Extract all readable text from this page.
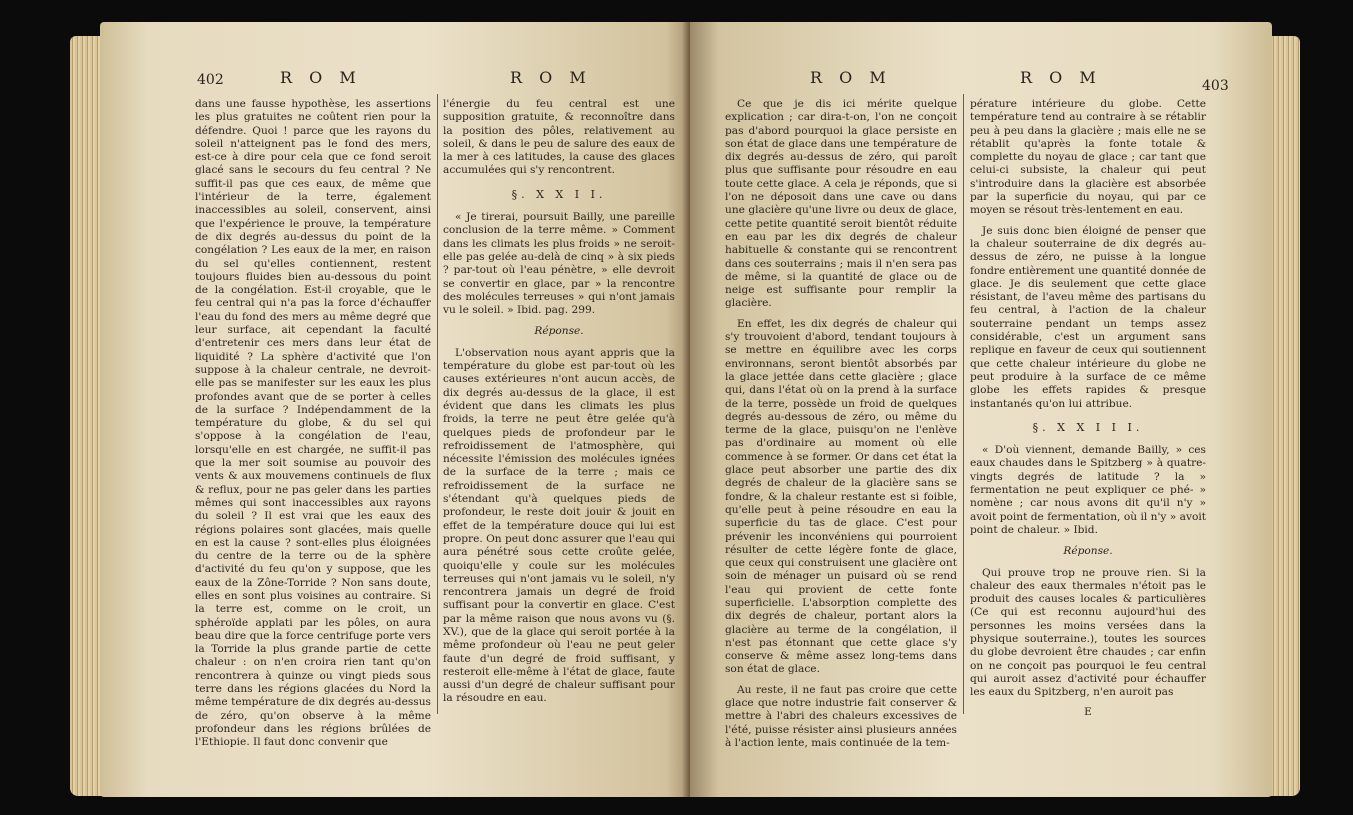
402	R O M	R O M

dans une fausse hypothèse, les assertions les plus gratuites ne coûtent rien pour la défendre. Quoi ! parce que les rayons du soleil n'atteignent pas le fond des mers, est-ce à dire pour cela que ce fond seroit glacé sans le secours du feu central ? Ne suffit-il pas que ces eaux, de même que l'intérieur de la terre, également inaccessibles au soleil, conservent, ainsi que l'expérience le prouve, la température de dix degrés au-dessus du point de la congélation ? Les eaux de la mer, en raison du sel qu'elles contiennent, restent toujours fluides bien au-dessous du point de la congélation. Est-il croyable, que le feu central qui n'a pas la force d'échauffer l'eau du fond des mers au même degré que leur surface, ait cependant la faculté d'entretenir ces mers dans leur état de liquidité ? La sphère d'activité que l'on suppose à la chaleur centrale, ne devroit-elle pas se manifester sur les eaux les plus profondes avant que de se porter à celles de la surface ? Indépendamment de la température du globe, & du sel qui s'oppose à la congélation de l'eau, lorsqu'elle en est chargée, ne suffit-il pas que la mer soit soumise au pouvoir des vents & aux mouvemens continuels de flux & reflux, pour ne pas geler dans les parties mêmes qui sont inaccessibles aux rayons du soleil ? Il est vrai que les eaux des régions polaires sont glacées, mais quelle en est la cause ? sont-elles plus éloignées du centre de la terre ou de la sphère d'activité du feu qu'on y suppose, que les eaux de la Zône-Torride ? Non sans doute, elles en sont plus voisines au contraire. Si la terre est, comme on le croit, un sphéroïde applati par les pôles, on aura beau dire que la force centrifuge porte vers la Torride la plus grande partie de cette chaleur : on n'en croira rien tant qu'on rencontrera à quinze ou vingt pieds sous terre dans les régions glacées du Nord la même température de dix degrés au-dessus de zéro, qu'on observe à la même profondeur dans les régions brûlées de l'Ethiopie. Il faut donc convenir que

l'énergie du feu central est une supposition gratuite, & reconnoître dans la position des pôles, relativement au soleil, & dans le peu de salure des eaux de la mer à ces latitudes, la cause des glaces accumulées qui s'y rencontrent.

§. X X I I.

« Je tirerai, poursuit Bailly, une pareille conclusion de la terre même. » Comment dans les climats les plus froids » ne seroit-elle pas gelée au-delà de cinq » à six pieds ? par-tout où l'eau pénètre, » elle devroit se convertir en glace, par » la rencontre des molécules terreuses » qui n'ont jamais vu le soleil. » Ibid. pag. 299.

Réponse.

L'observation nous ayant appris que la température du globe est par-tout où les causes extérieures n'ont aucun accès, de dix degrés au-dessus de la glace, il est évident que dans les climats les plus froids, la terre ne peut être gelée qu'à quelques pieds de profondeur par le refroidissement de l'atmosphère, qui nécessite l'émission des molécules ignées de la surface de la terre ; mais ce refroidissement de la surface ne s'étendant qu'à quelques pieds de profondeur, le reste doit jouir & jouit en effet de la température douce qui lui est propre. On peut donc assurer que l'eau qui aura pénétré sous cette croûte gelée, quoiqu'elle y coule sur les molécules terreuses qui n'ont jamais vu le soleil, n'y rencontrera jamais un degré de froid suffisant pour la convertir en glace. C'est par la même raison que nous avons vu (§. XV.), que de la glace qui seroit portée à la même profondeur où l'eau ne peut geler faute d'un degré de froid suffisant, y resteroit elle-même à l'état de glace, faute aussi d'un degré de chaleur suffisant pour la résoudre en eau.

R O M	R O M	403

Ce que je dis ici mérite quelque explication ; car dira-t-on, l'on ne conçoit pas d'abord pourquoi la glace persiste en son état de glace dans une température de dix degrés au-dessus de zéro, qui paroît plus que suffisante pour résoudre en eau toute cette glace. A cela je réponds, que si l'on ne déposoit dans une cave ou dans une glacière qu'une livre ou deux de glace, cette petite quantité seroit bientôt réduite en eau par les dix degrés de chaleur habituelle & constante qui se rencontrent dans ces souterrains ; mais il n'en sera pas de même, si la quantité de glace ou de neige est suffisante pour remplir la glacière.

En effet, les dix degrés de chaleur qui s'y trouvoient d'abord, tendant toujours à se mettre en équilibre avec les corps environnans, seront bientôt absorbés par la glace jettée dans cette glacière ; glace qui, dans l'état où on la prend à la surface de la terre, possède un froid de quelques degrés au-dessous de zéro, ou même du terme de la glace, puisqu'on ne l'enlève pas d'ordinaire au moment où elle commence à se former. Or dans cet état la glace peut absorber une partie des dix degrés de chaleur de la glacière sans se fondre, & la chaleur restante est si foible, qu'elle peut à peine résoudre en eau la superficie du tas de glace. C'est pour prévenir les inconvéniens qui pourroient résulter de cette légère fonte de glace, que ceux qui construisent une glacière ont soin de ménager un puisard où se rend l'eau qui provient de cette fonte superficielle. L'absorption complette des dix degrés de chaleur, portant alors la glacière au terme de la congélation, il n'est pas étonnant que cette glace s'y conserve & même assez long-tems dans son état de glace.

Au reste, il ne faut pas croire que cette glace que notre industrie fait conserver & mettre à l'abri des chaleurs excessives de l'été, puisse résister ainsi plusieurs années à l'action lente, mais continuée de la tem-

pérature intérieure du globe. Cette température tend au contraire à se rétablir peu à peu dans la glacière ; mais elle ne se rétablit qu'après la fonte totale & complette du noyau de glace ; car tant que celui-ci subsiste, la chaleur qui peut s'introduire dans la glacière est absorbée par la superficie du noyau, qui par ce moyen se résout très-lentement en eau.

Je suis donc bien éloigné de penser que la chaleur souterraine de dix degrés au-dessus de zéro, ne puisse à la longue fondre entièrement une quantité donnée de glace. Je dis seulement que cette glace résistant, de l'aveu même des partisans du feu central, à l'action de la chaleur souterraine pendant un temps assez considérable, c'est un argument sans replique en faveur de ceux qui soutiennent que cette chaleur intérieure du globe ne peut produire à la surface de ce même globe les effets rapides & presque instantanés qu'on lui attribue.

§. X X I I I.

« D'où viennent, demande Bailly, » ces eaux chaudes dans le Spitzberg » à quatre-vingts degrés de latitude ? la » fermentation ne peut expliquer ce phé- » nomène ; car nous avons dit qu'il n'y » avoit point de fermentation, où il n'y » avoit point de chaleur. » Ibid.

Réponse.

Qui prouve trop ne prouve rien. Si la chaleur des eaux thermales n'étoit pas le produit des causes locales & particulières (Ce qui est reconnu aujourd'hui des personnes les moins versées dans la physique souterraine.), toutes les sources du globe devroient être chaudes ; car enfin on ne conçoit pas pourquoi le feu central qui auroit assez d'activité pour échauffer les eaux du Spitzberg, n'en auroit pas

E
